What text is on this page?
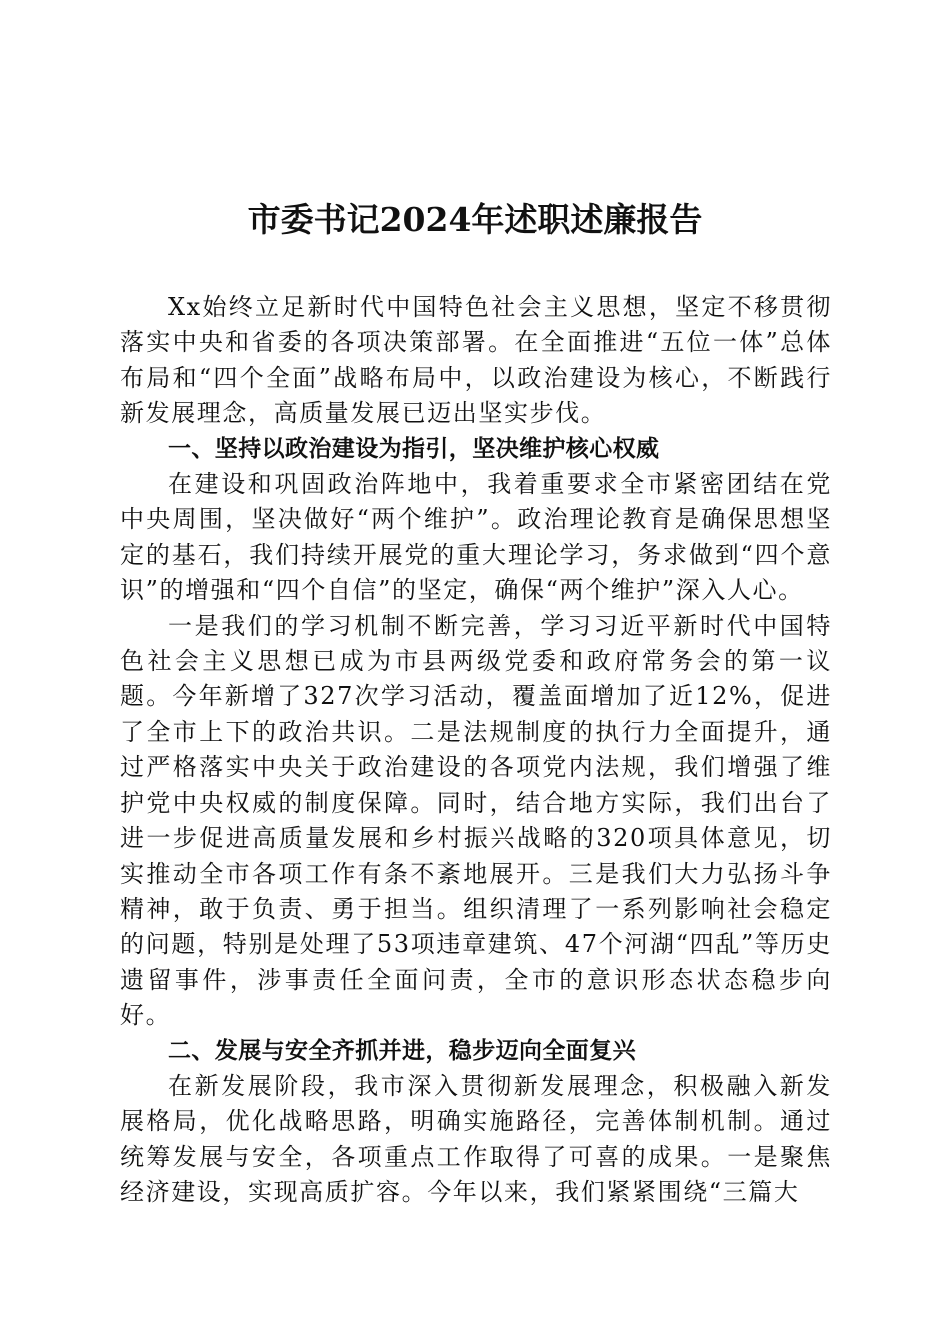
市委书记2024年述职述廉报告

Xx始终立足新时代中国特色社会主义思想，坚定不移贯彻落实中央和省委的各项决策部署。在全面推进“五位一体”总体布局和“四个全面”战略布局中，以政治建设为核心，不断践行新发展理念，高质量发展已迈出坚实步伐。

一、坚持以政治建设为指引，坚决维护核心权威

在建设和巩固政治阵地中，我着重要求全市紧密团结在党中央周围，坚决做好“两个维护”。政治理论教育是确保思想坚定的基石，我们持续开展党的重大理论学习，务求做到“四个意识”的增强和“四个自信”的坚定，确保“两个维护”深入人心。

一是我们的学习机制不断完善，学习习近平新时代中国特色社会主义思想已成为市县两级党委和政府常务会的第一议题。今年新增了327次学习活动，覆盖面增加了近12%，促进了全市上下的政治共识。二是法规制度的执行力全面提升，通过严格落实中央关于政治建设的各项党内法规，我们增强了维护党中央权威的制度保障。同时，结合地方实际，我们出台了进一步促进高质量发展和乡村振兴战略的320项具体意见，切实推动全市各项工作有条不紊地展开。三是我们大力弘扬斗争精神，敢于负责、勇于担当。组织清理了一系列影响社会稳定的问题，特别是处理了53项违章建筑、47个河湖“四乱”等历史遗留事件，涉事责任全面问责，全市的意识形态状态稳步向好。

二、发展与安全齐抓并进，稳步迈向全面复兴

在新发展阶段，我市深入贯彻新发展理念，积极融入新发展格局，优化战略思路，明确实施路径，完善体制机制。通过统筹发展与安全，各项重点工作取得了可喜的成果。一是聚焦经济建设，实现高质扩容。今年以来，我们紧紧围绕“三篇大
